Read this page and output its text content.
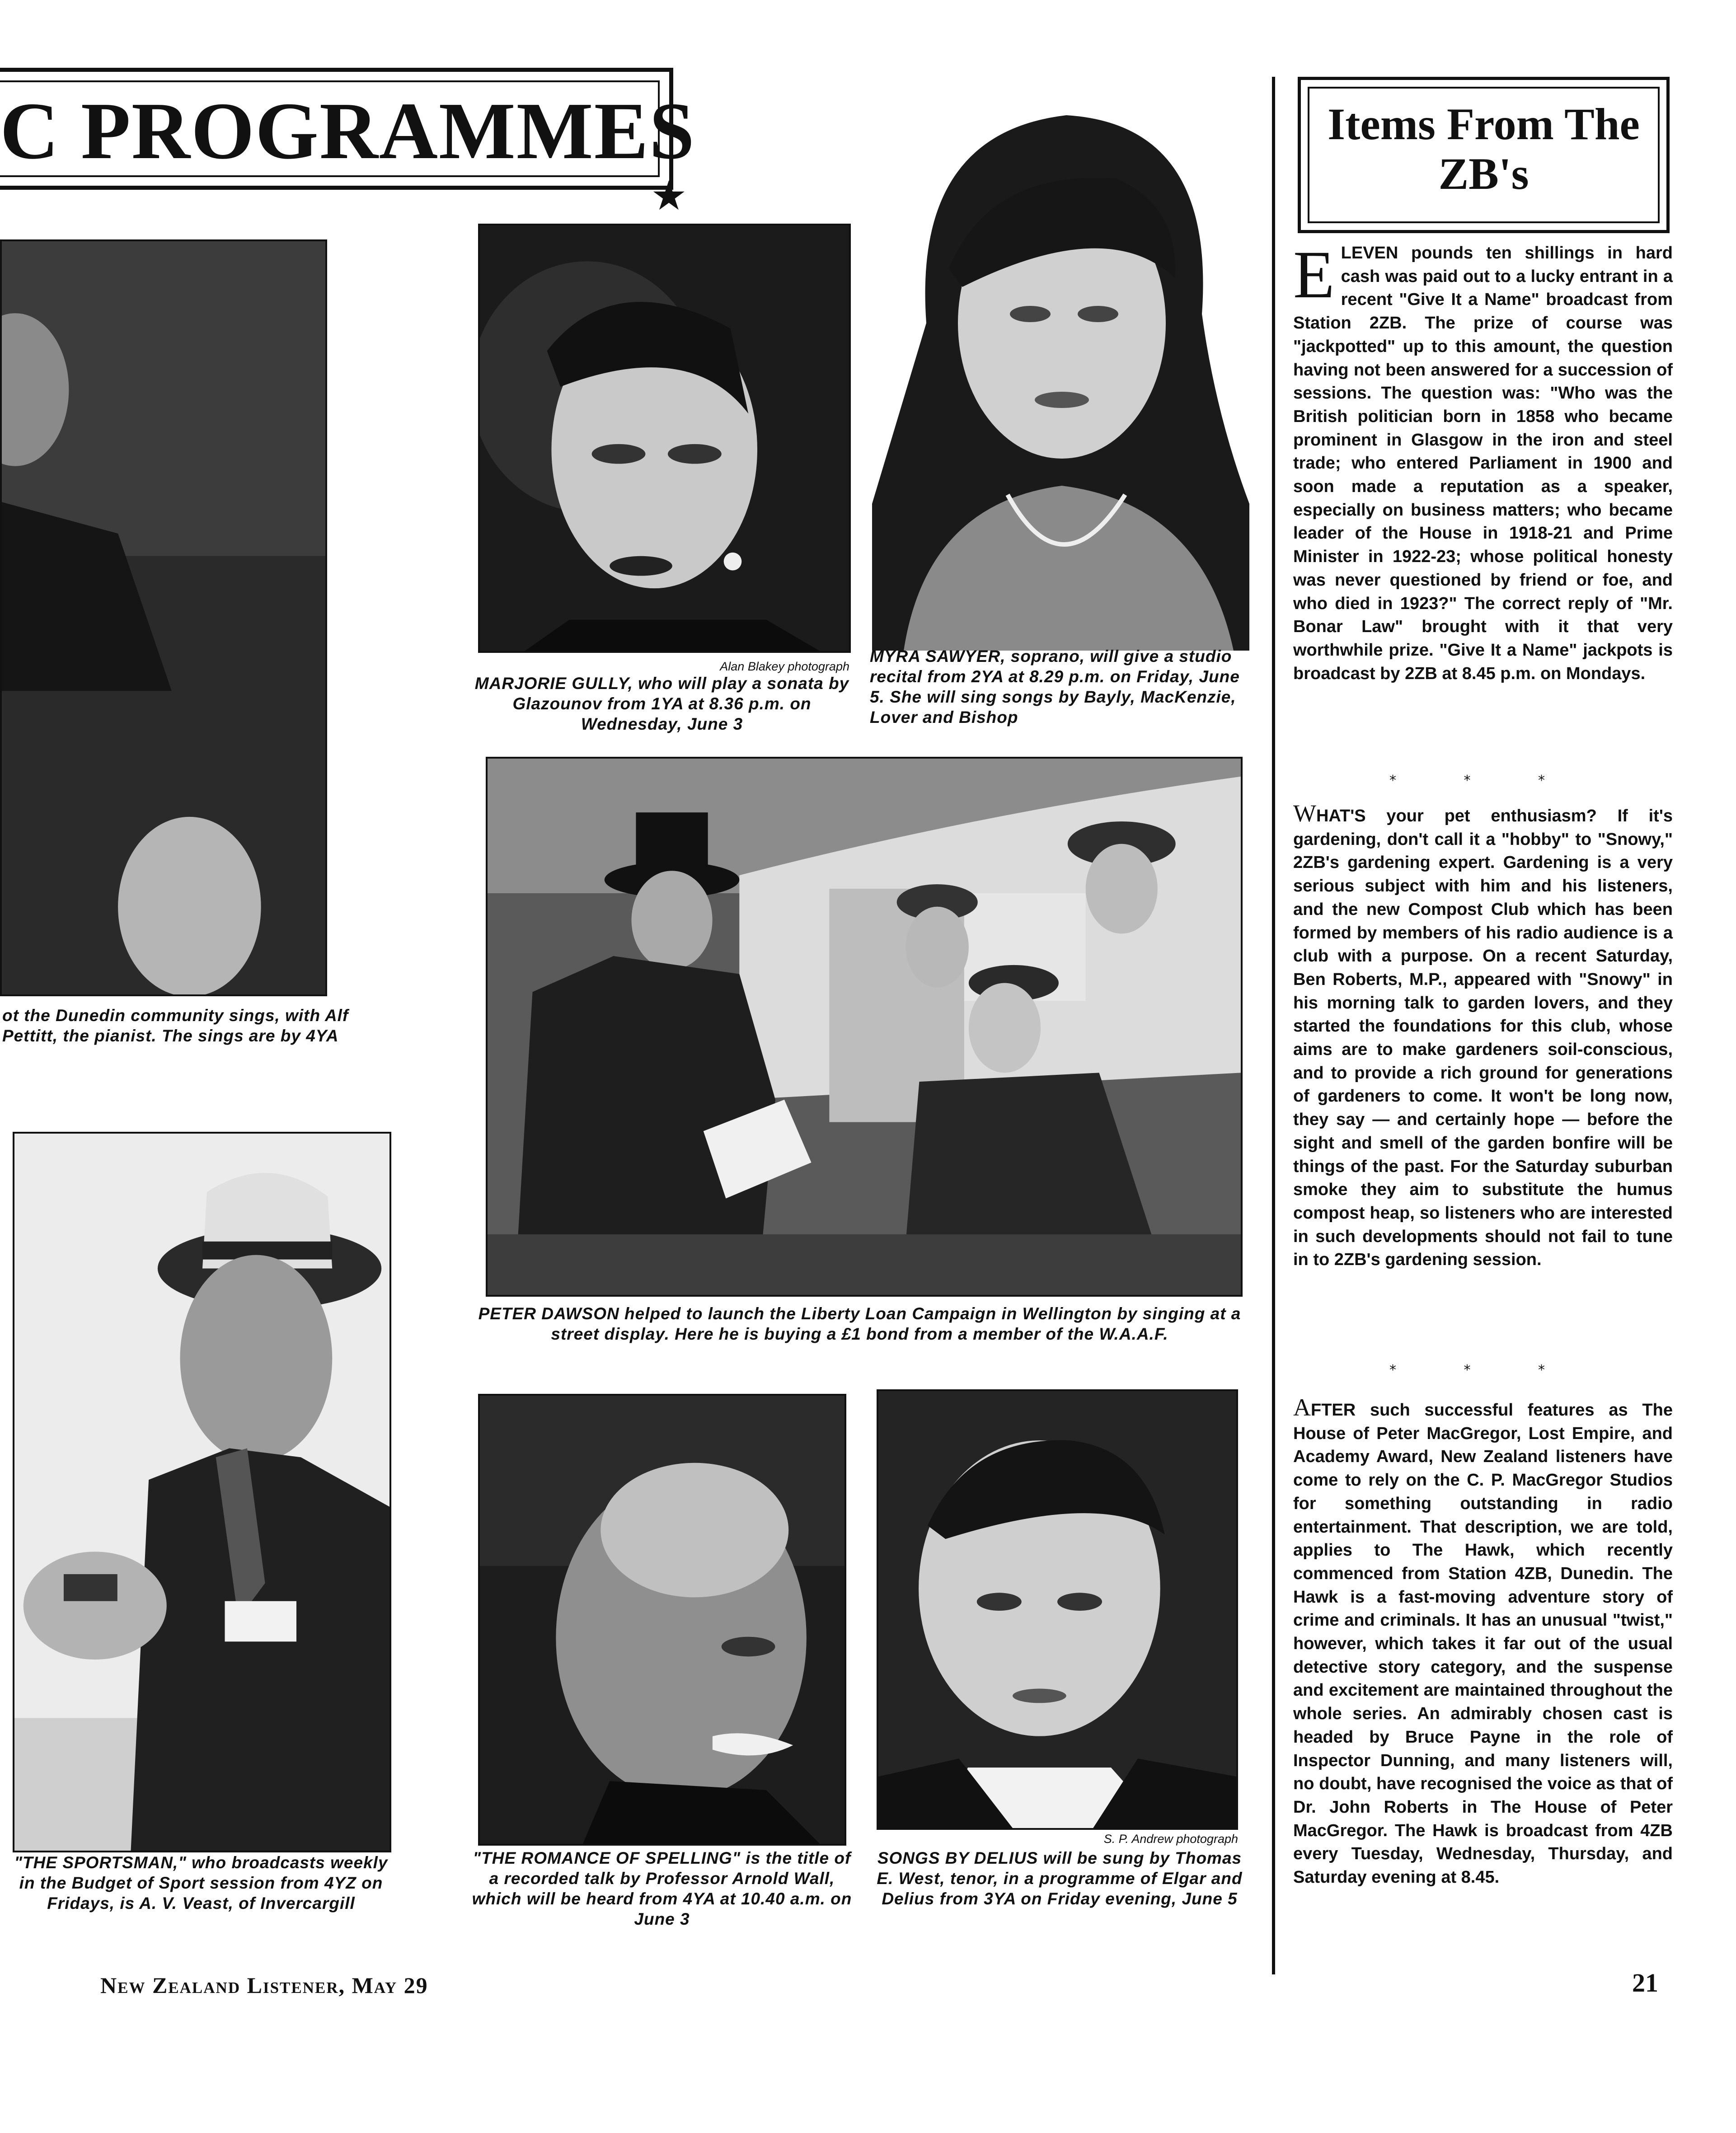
C PROGRAMMES
★
ot the Dunedin community sings, with Alf Pettitt, the pianist. The sings are by 4YA
Alan Blakey photograph
MARJORIE GULLY, who will play a sonata by Glazounov from 1YA at 8.36 p.m. on Wednesday, June 3
MYRA SAWYER, soprano, will give a studio recital from 2YA at 8.29 p.m. on Friday, June 5. She will sing songs by Bayly, MacKenzie, Lover and Bishop
PETER DAWSON helped to launch the Liberty Loan Campaign in Wellington by singing at a street display. Here he is buying a £1 bond from a member of the W.A.A.F.
"THE SPORTSMAN," who broadcasts weekly in the Budget of Sport session from 4YZ on Fridays, is A. V. Veast, of Invercargill
"THE ROMANCE OF SPELLING" is the title of a recorded talk by Professor Arnold Wall, which will be heard from 4YA at 10.40 a.m. on June 3
S. P. Andrew photograph
SONGS BY DELIUS will be sung by Thomas E. West, tenor, in a programme of Elgar and Delius from 3YA on Friday evening, June 5
Items From The ZB's
ELEVEN pounds ten shillings in hard cash was paid out to a lucky entrant in a recent "Give It a Name" broadcast from Station 2ZB. The prize of course was "jackpotted" up to this amount, the question having not been answered for a succession of sessions. The question was: "Who was the British politician born in 1858 who became prominent in Glasgow in the iron and steel trade; who entered Parliament in 1900 and soon made a reputation as a speaker, especially on business matters; who became leader of the House in 1918-21 and Prime Minister in 1922-23; whose political honesty was never questioned by friend or foe, and who died in 1923?" The correct reply of "Mr. Bonar Law" brought with it that very worthwhile prize. "Give It a Name" jackpots is broadcast by 2ZB at 8.45 p.m. on Mondays.
* * *
WHAT'S your pet enthusiasm? If it's gardening, don't call it a "hobby" to "Snowy," 2ZB's gardening expert. Gardening is a very serious subject with him and his listeners, and the new Compost Club which has been formed by members of his radio audience is a club with a purpose. On a recent Saturday, Ben Roberts, M.P., appeared with "Snowy" in his morning talk to garden lovers, and they started the foundations for this club, whose aims are to make gardeners soil-conscious, and to provide a rich ground for generations of gardeners to come. It won't be long now, they say — and certainly hope — before the sight and smell of the garden bonfire will be things of the past. For the Saturday suburban smoke they aim to substitute the humus compost heap, so listeners who are interested in such developments should not fail to tune in to 2ZB's gardening session.
* * *
AFTER such successful features as The House of Peter MacGregor, Lost Empire, and Academy Award, New Zealand listeners have come to rely on the C. P. MacGregor Studios for something outstanding in radio entertainment. That description, we are told, applies to The Hawk, which recently commenced from Station 4ZB, Dunedin. The Hawk is a fast-moving adventure story of crime and criminals. It has an unusual "twist," however, which takes it far out of the usual detective story category, and the suspense and excitement are maintained throughout the whole series. An admirably chosen cast is headed by Bruce Payne in the role of Inspector Dunning, and many listeners will, no doubt, have recognised the voice as that of Dr. John Roberts in The House of Peter MacGregor. The Hawk is broadcast from 4ZB every Tuesday, Wednesday, Thursday, and Saturday evening at 8.45.
New Zealand Listener, May 29	21
